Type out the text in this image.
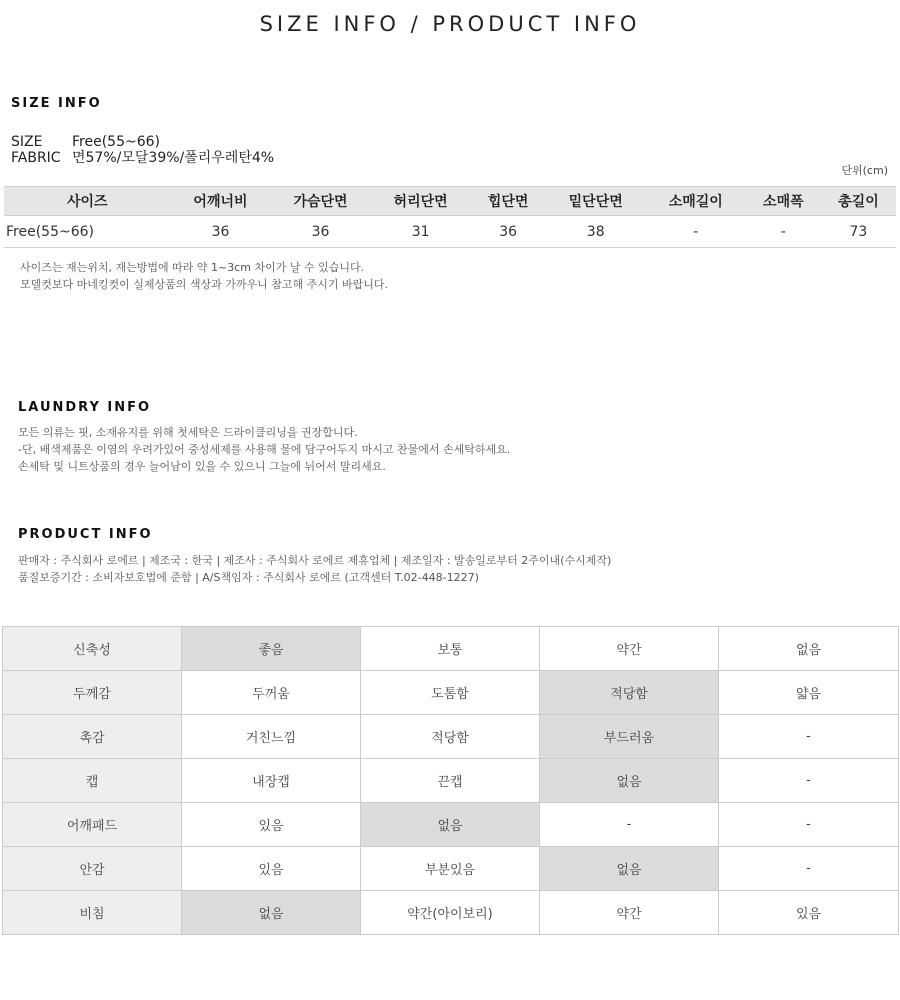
SIZE INFO / PRODUCT INFO
SIZE INFO
SIZE Free(55~66)
FABRIC 면57%/모달39%/폴리우레탄4%
단위(cm)
사이즈	어깨너비	가슴단면	허리단면	힙단면	밑단단면	소매길이	소매폭	총길이
Free(55~66)	36	36	31	36	38	-	-	73

사이즈는 재는위치, 재는방법에 따라 약 1~3cm 차이가 날 수 있습니다.

모델컷보다 마네킹컷이 실제상품의 색상과 가까우니 참고해 주시기 바랍니다.

LAUNDRY INFO

모든 의류는 핏, 소재유지를 위해 첫세탁은 드라이클리닝을 권장합니다.

-단, 배색제품은 이염의 우려가있어 중성세제를 사용해 물에 담구어두지 마시고 찬물에서 손세탁하세요.

손세탁 및 니트상품의 경우 늘어남이 있을 수 있으니 그늘에 뉘어서 말리세요.

PRODUCT INFO

판매자 : 주식회사 로에르 | 제조국 : 한국 | 제조사 : 주식회사 로에르 제휴업체 | 제조일자 : 발송일로부터 2주이내(수시제작)

품질보증기간 : 소비자보호법에 준함 | A/S책임자 : 주식회사 로에르 (고객센터 T.02-448-1227)

신축성	좋음	보통	약간	없음
두께감	두꺼움	도톰함	적당함	얇음
촉감	거친느낌	적당함	부드러움	-
캡	내장캡	끈캡	없음	-
어깨패드	있음	없음	-	-
안감	있음	부분있음	없음	-
비침	없음	약간(아이보리)	약간	있음
